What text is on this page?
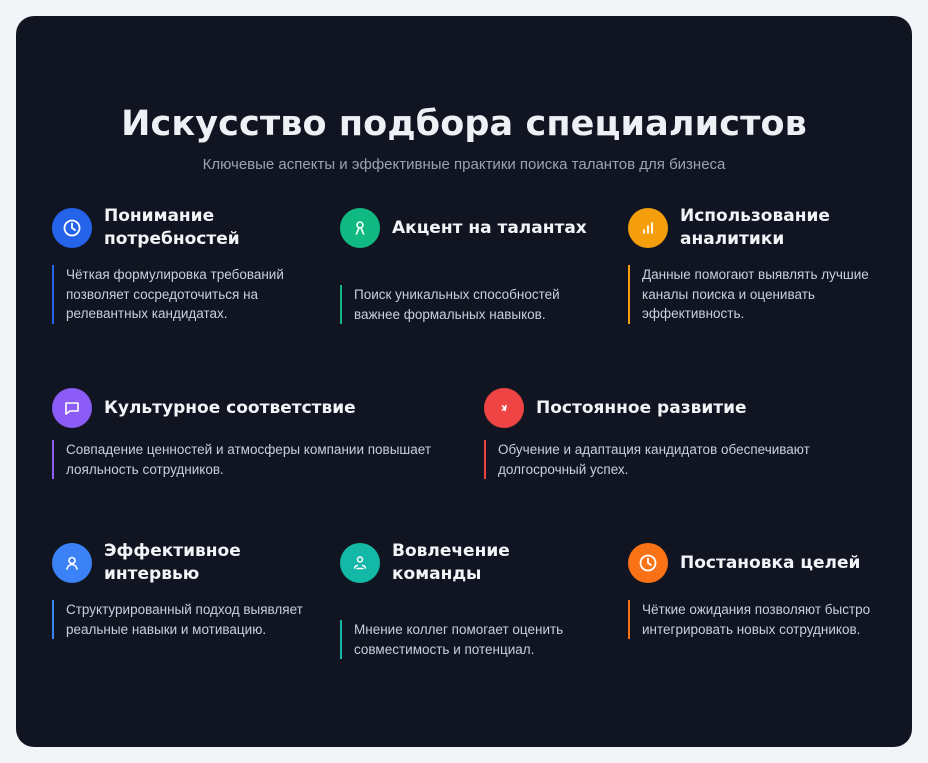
Искусство подбора специалистов
Ключевые аспекты и эффективные практики поиска талантов для бизнеса
Понимание потребностей
Чёткая формулировка требований позволяет сосредоточиться на релевантных кандидатах.
Акцент на талантах
Поиск уникальных способностей важнее формальных навыков.
Использование аналитики
Данные помогают выявлять лучшие каналы поиска и оценивать эффективность.
Культурное соответствие
Совпадение ценностей и атмосферы компании повышает лояльность сотрудников.
Постоянное развитие
Обучение и адаптация кандидатов обеспечивают долгосрочный успех.
Эффективное интервью
Структурированный подход выявляет реальные навыки и мотивацию.
Вовлечение команды
Мнение коллег помогает оценить совместимость и потенциал.
Постановка целей
Чёткие ожидания позволяют быстро интегрировать новых сотрудников.
